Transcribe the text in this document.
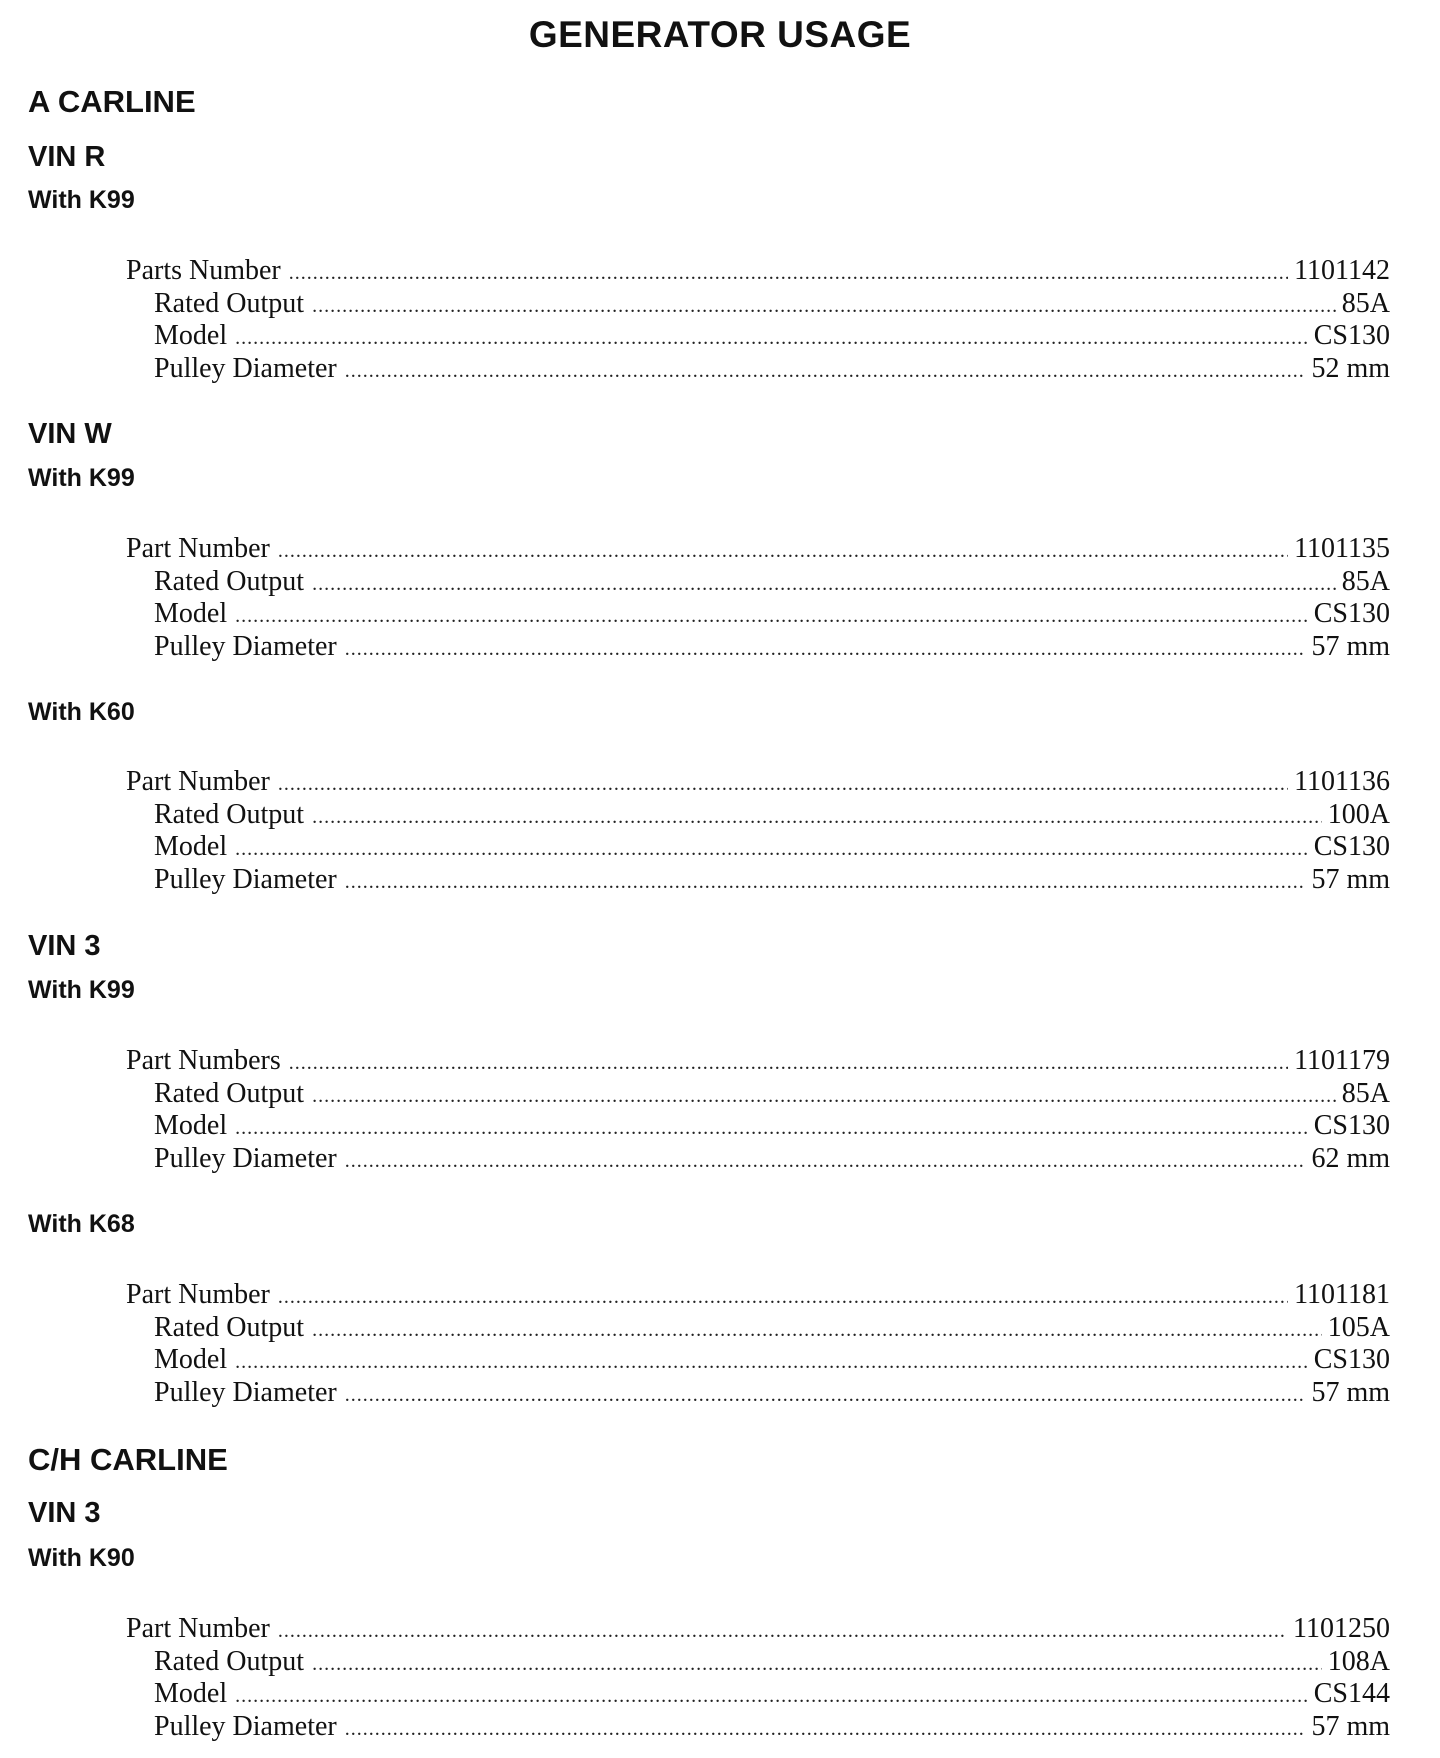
GENERATOR USAGE
A CARLINE
VIN R
With K99
Parts Number .....	1101142
Rated Output .....	85A
Model .....	CS130
Pulley Diameter .....	52 mm
VIN W
With K99
Part Number .....	1101135
Rated Output .....	85A
Model .....	CS130
Pulley Diameter .....	57 mm
With K60
Part Number .....	1101136
Rated Output .....	100A
Model .....	CS130
Pulley Diameter .....	57 mm
VIN 3
With K99
Part Numbers .....	1101179
Rated Output .....	85A
Model .....	CS130
Pulley Diameter .....	62 mm
With K68
Part Number .....	1101181
Rated Output .....	105A
Model .....	CS130
Pulley Diameter .....	57 mm
C/H CARLINE
VIN 3
With K90
Part Number .....	1101250
Rated Output .....	108A
Model .....	CS144
Pulley Diameter .....	57 mm
